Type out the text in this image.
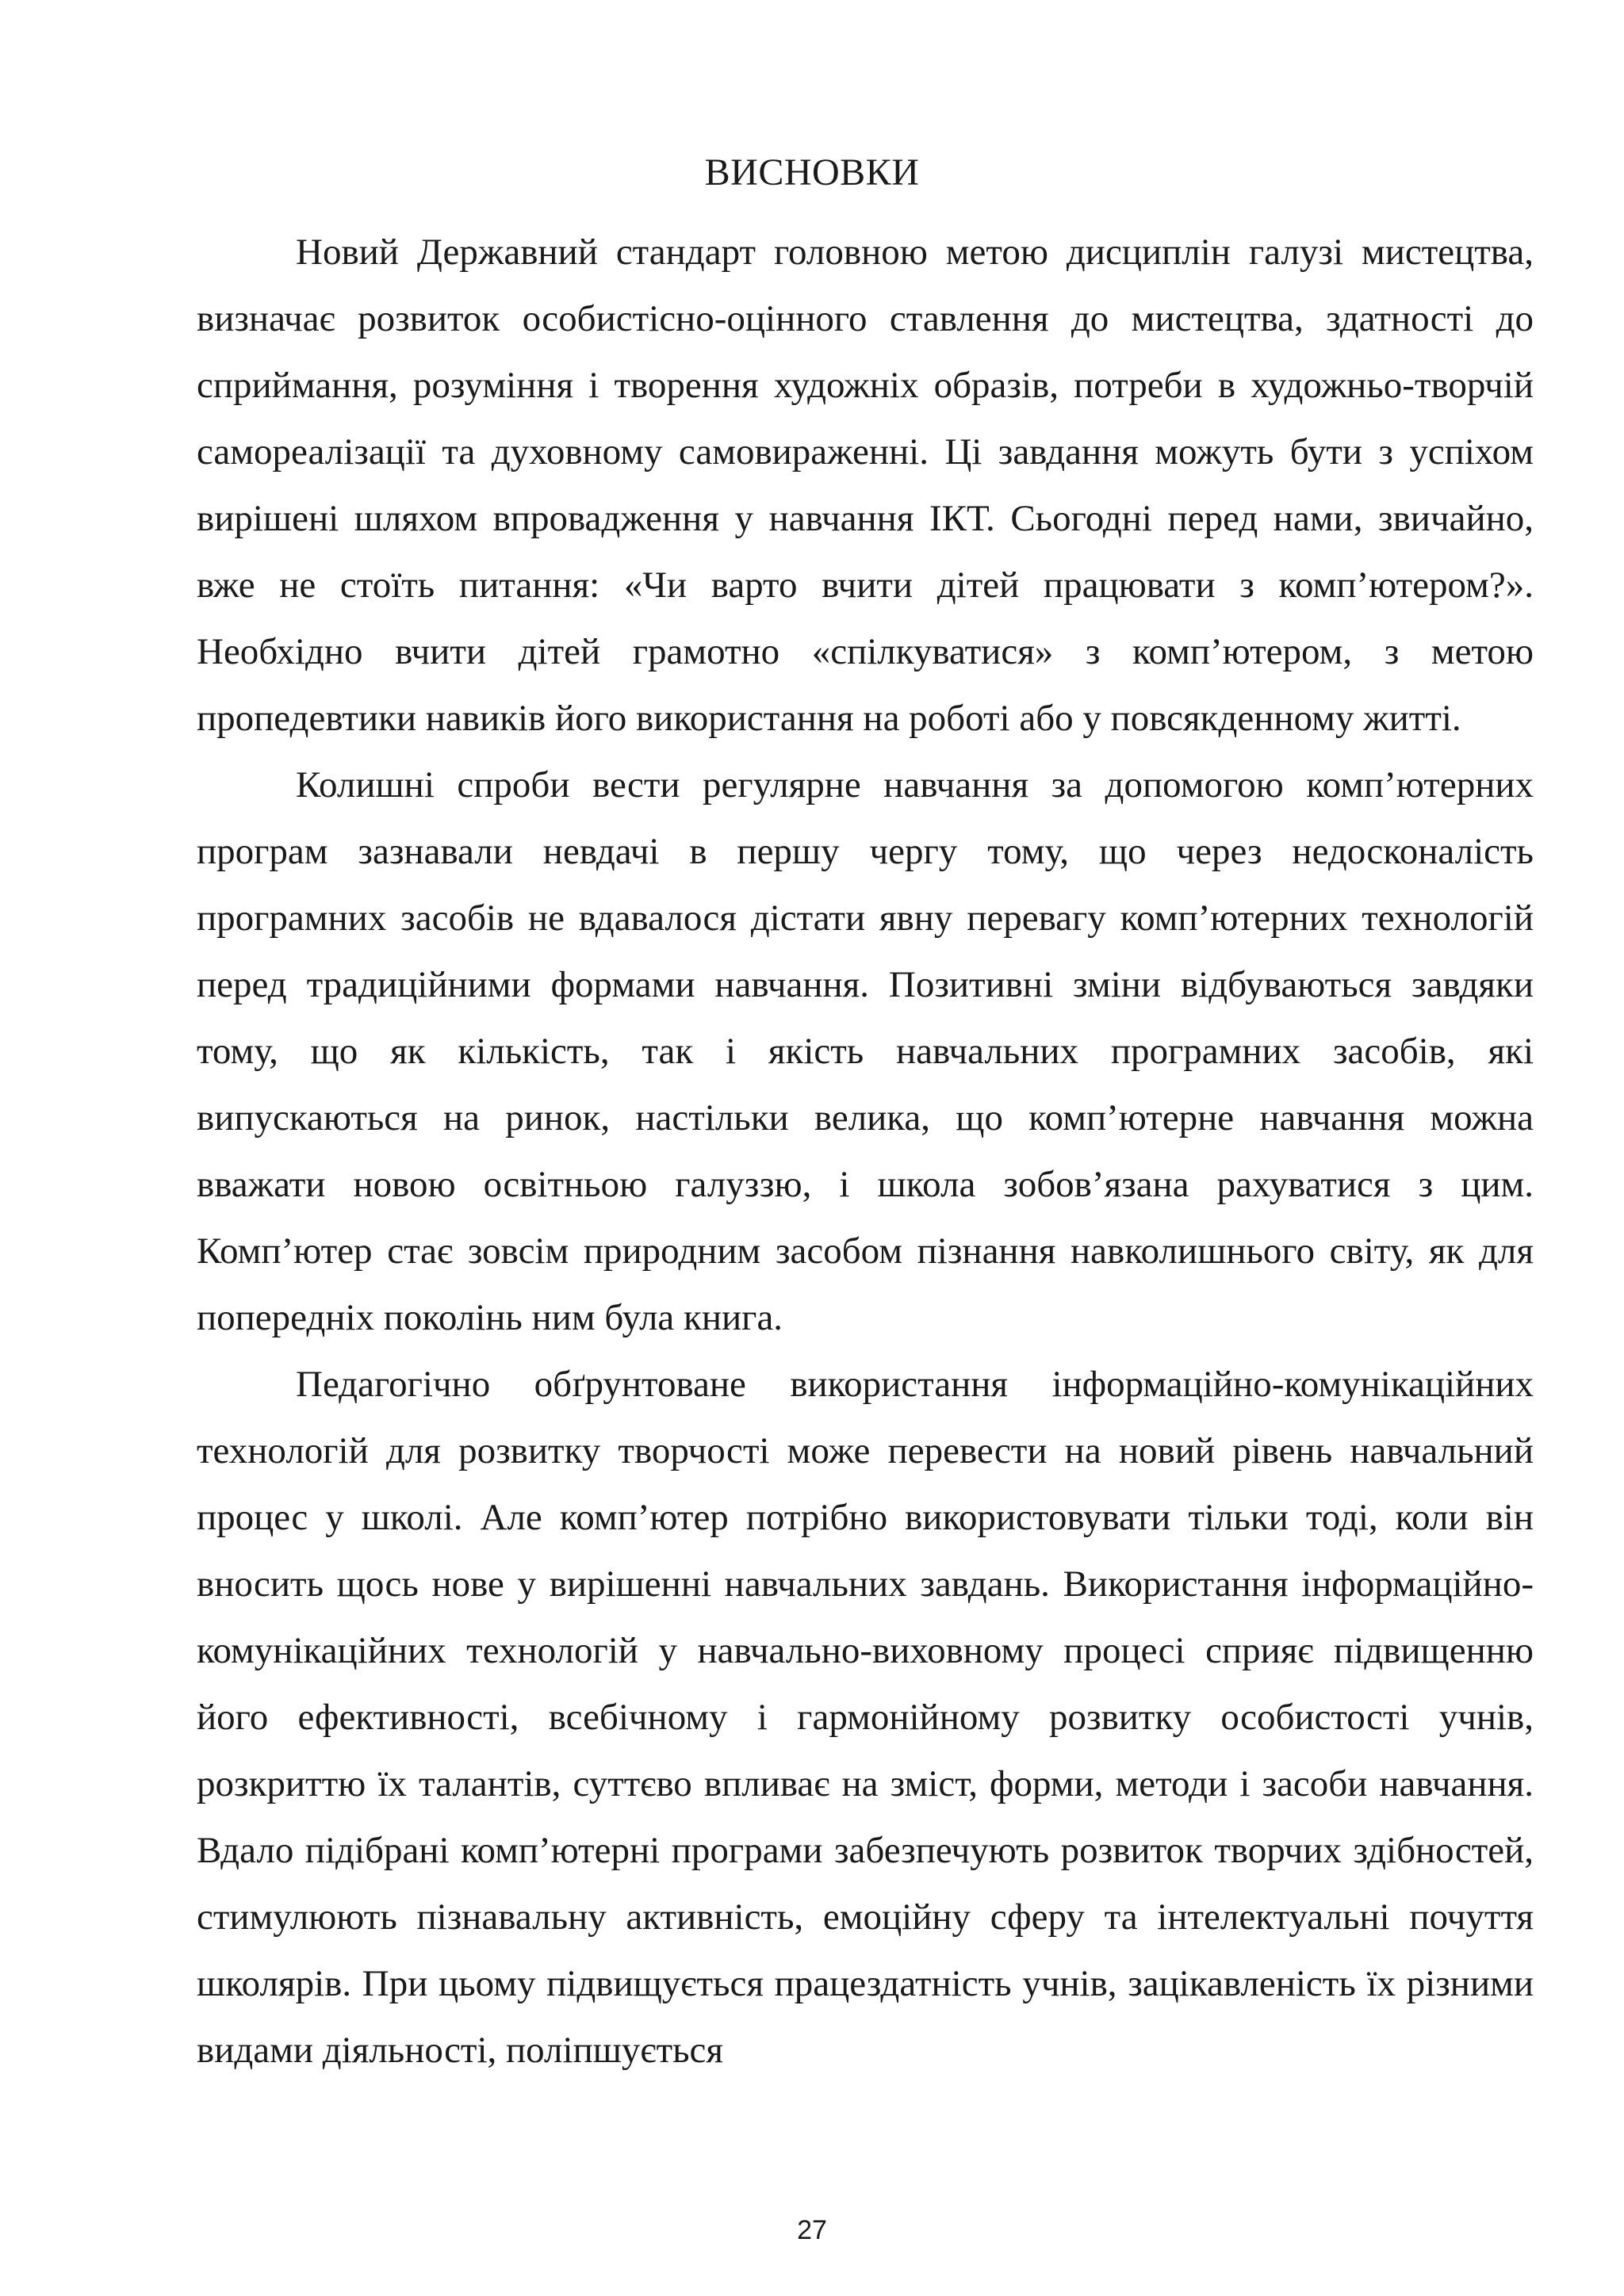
ВИСНОВКИ

Новий Державний стандарт головною метою дисциплін галузі мистецтва, визначає розвиток особистісно-оцінного ставлення до мистецтва, здатності до сприймання, розуміння і творення художніх образів, потреби в художньо-творчій самореалізації та духовному самовираженні. Ці завдання можуть бути з успіхом вирішені шляхом впровадження у навчання ІКТ. Сьогодні перед нами, звичайно, вже не стоїть питання: «Чи варто вчити дітей працювати з комп’ютером?». Необхідно вчити дітей грамотно «спілкуватися» з комп’ютером, з метою пропедевтики навиків його використання на роботі або у повсякденному житті.

Колишні спроби вести регулярне навчання за допомогою комп’ютерних програм зазнавали невдачі в першу чергу тому, що через недосконалість програмних засобів не вдавалося дістати явну перевагу комп’ютерних технологій перед традиційними формами навчання. Позитивні зміни відбуваються завдяки тому, що як кількість, так і якість навчальних програмних засобів, які випускаються на ринок, настільки велика, що комп’ютерне навчання можна вважати новою освітньою галуззю, і школа зобов’язана рахуватися з цим. Комп’ютер стає зовсім природним засобом пізнання навколишнього світу, як для попередніх поколінь ним була книга.

Педагогічно обґрунтоване використання інформаційно-комунікаційних технологій для розвитку творчості може перевести на новий рівень навчальний процес у школі. Але комп’ютер потрібно використовувати тільки тоді, коли він вносить щось нове у вирішенні навчальних завдань. Використання інформаційно-комунікаційних технологій у навчально-виховному процесі сприяє підвищенню його ефективності, всебічному і гармонійному розвитку особистості учнів, розкриттю їх талантів, суттєво впливає на зміст, форми, методи і засоби навчання. Вдало підібрані комп’ютерні програми забезпечують розвиток творчих здібностей, стимулюють пізнавальну активність, емоційну сферу та інтелектуальні почуття школярів. При цьому підвищується працездатність учнів, зацікавленість їх різними видами діяльності, поліпшується

27
